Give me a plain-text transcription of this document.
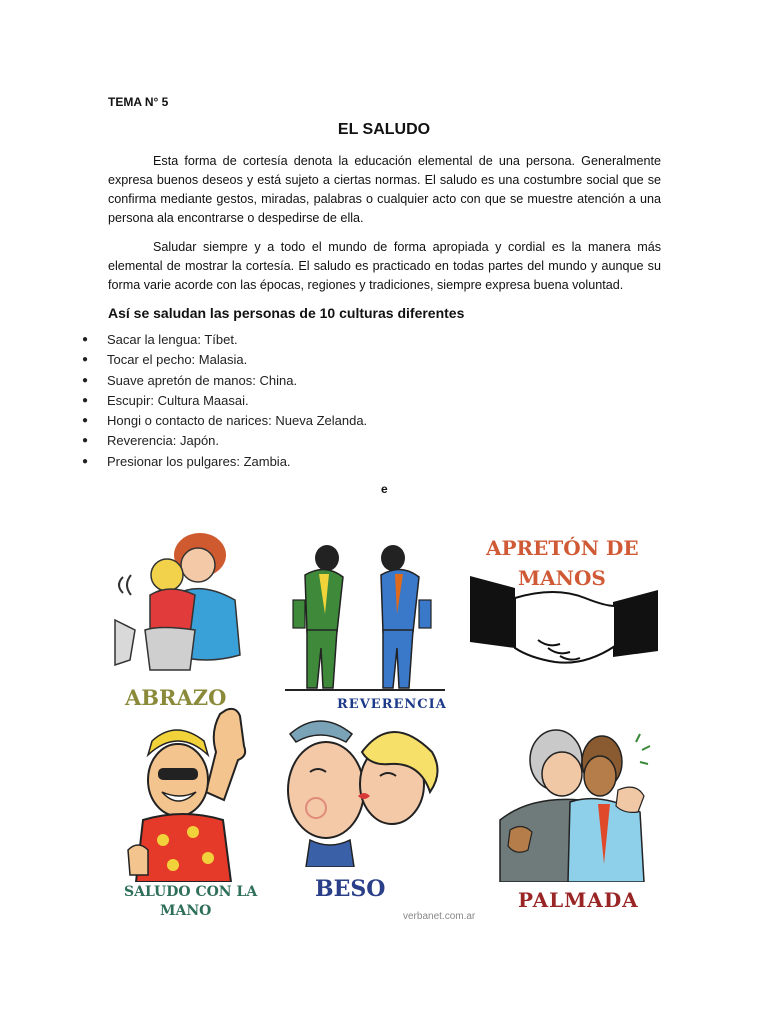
TEMA N° 5
EL SALUDO

Esta forma de cortesía denota la educación elemental de una persona. Generalmente expresa buenos deseos y está sujeto a ciertas normas. El saludo es una costumbre social que se confirma mediante gestos, miradas, palabras o cualquier acto con que se muestre atención a una persona ala encontrarse o despedirse de ella.

Saludar siempre y a todo el mundo de forma apropiada y cordial es la manera más elemental de mostrar la cortesía. El saludo es practicado en todas partes del mundo y aunque su forma varie acorde con las épocas, regiones y tradiciones, siempre expresa buena voluntad.

Así se saludan las personas de 10 culturas diferentes
● Sacar la lengua: Tíbet.
● Tocar el pecho: Malasia.
● Suave apretón de manos: China.
● Escupir: Cultura Maasai.
● Hongi o contacto de narices: Nueva Zelanda.
● Reverencia: Japón.
● Presionar los pulgares: Zambia.
e
ABRAZO	REVERENCIA
APRETÓN DE
MANOS
SALUDO CON LA
MANO
BESO	PALMADA
verbanet.com.ar
